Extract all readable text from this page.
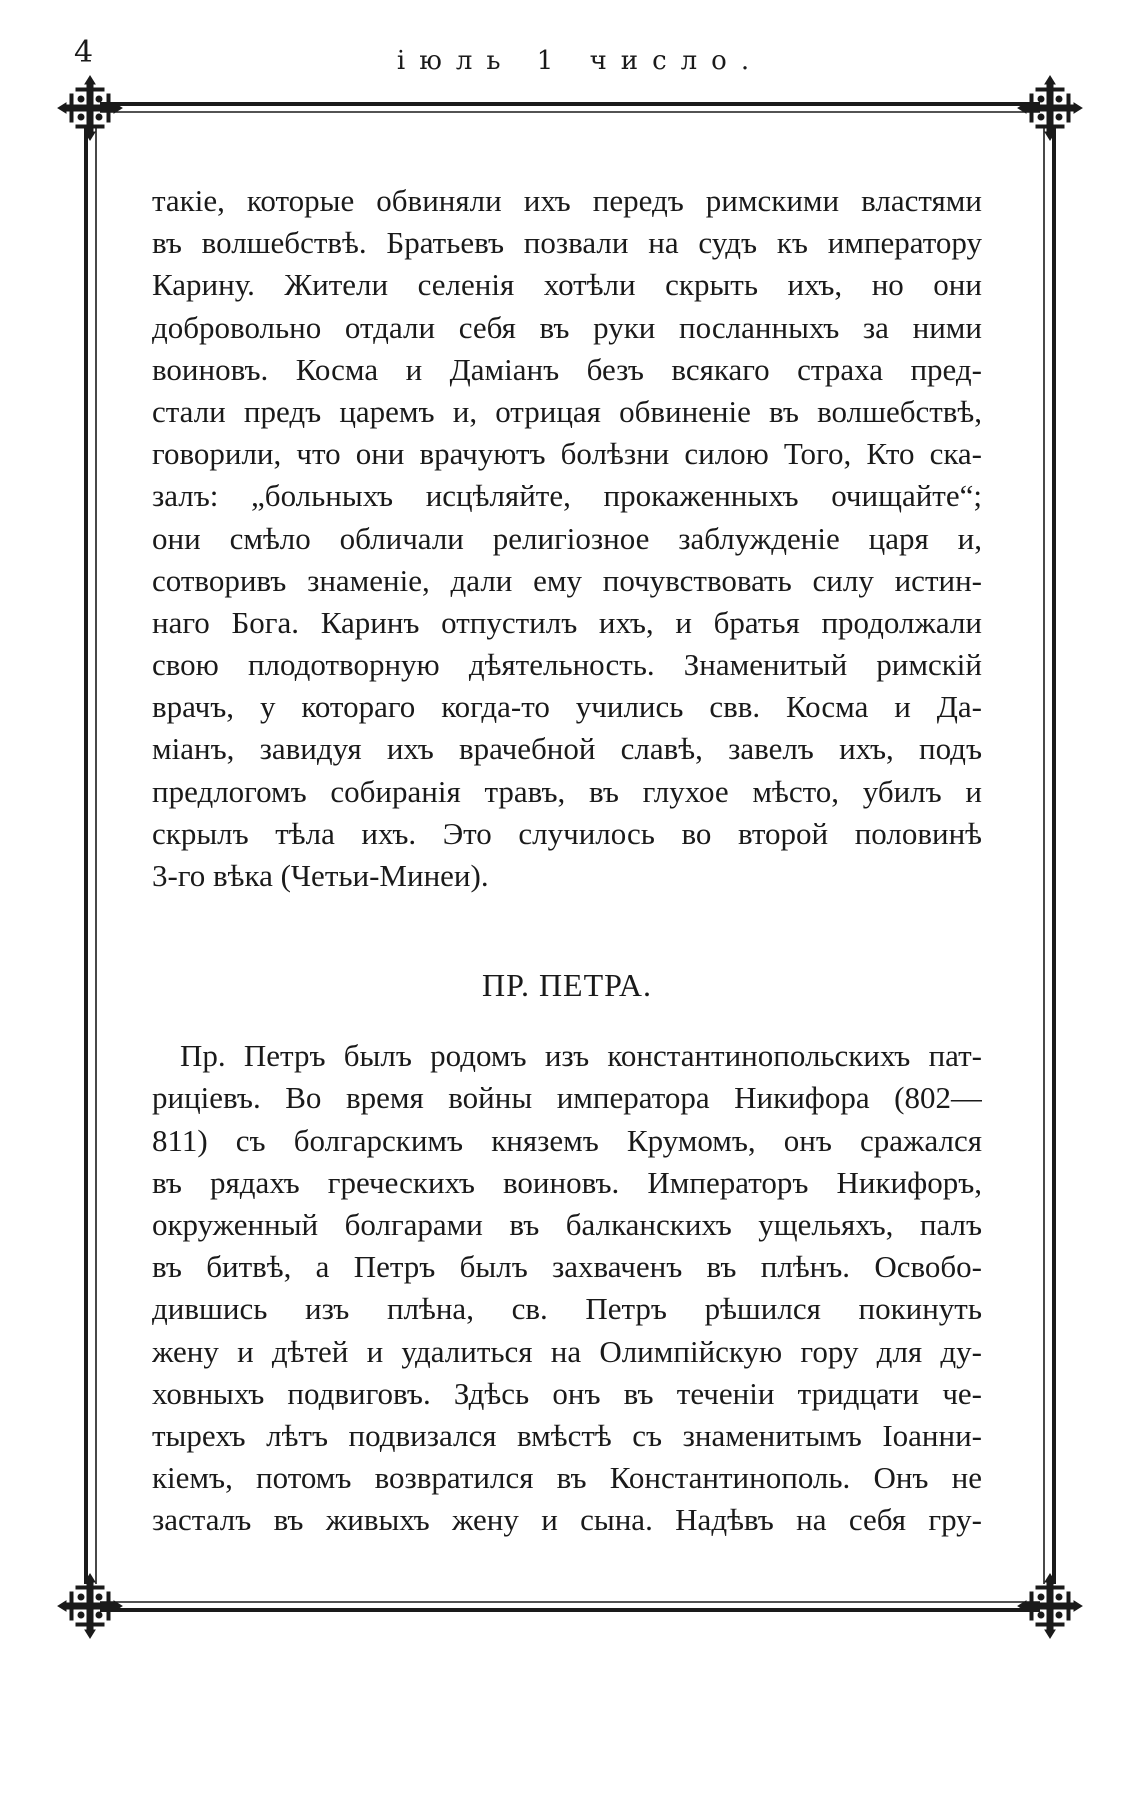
4	іюль 1 число.
такіе, которые обвиняли ихъ передъ римскими властями
въ волшебствѣ. Братьевъ позвали на судъ къ императору
Карину. Жители селенія хотѣли скрыть ихъ, но они
добровольно отдали себя въ руки посланныхъ за ними
воиновъ. Косма и Даміанъ безъ всякаго страха пред-
стали предъ царемъ и, отрицая обвиненіе въ волшебствѣ,
говорили, что они врачуютъ болѣзни силою Того, Кто ска-
залъ: „больныхъ исцѣляйте, прокаженныхъ очищайте“;
они смѣло обличали религіозное заблужденіе царя и,
сотворивъ знаменіе, дали ему почувствовать силу истин-
наго Бога. Каринъ отпустилъ ихъ, и братья продолжали
свою плодотворную дѣятельность. Знаменитый римскій
врачъ, у котораго когда-то учились свв. Косма и Да-
міанъ, завидуя ихъ врачебной славѣ, завелъ ихъ, подъ
предлогомъ собиранія травъ, въ глухое мѣсто, убилъ и
скрылъ тѣла ихъ. Это случилось во второй половинѣ
3-го вѣка (Четьи-Минеи).
ПР. ПЕТРА.
Пр. Петръ былъ родомъ изъ константинопольскихъ пат-
риціевъ. Во время войны императора Никифора (802—
811) съ болгарскимъ княземъ Крумомъ, онъ сражался
въ рядахъ греческихъ воиновъ. Императоръ Никифоръ,
окруженный болгарами въ балканскихъ ущельяхъ, палъ
въ битвѣ, а Петръ былъ захваченъ въ плѣнъ. Освобо-
дившись изъ плѣна, св. Петръ рѣшился покинуть
жену и дѣтей и удалиться на Олимпійскую гору для ду-
ховныхъ подвиговъ. Здѣсь онъ въ теченіи тридцати че-
тырехъ лѣтъ подвизался вмѣстѣ съ знаменитымъ Іоанни-
кіемъ, потомъ возвратился въ Константинополь. Онъ не
засталъ въ живыхъ жену и сына. Надѣвъ на себя гру-
